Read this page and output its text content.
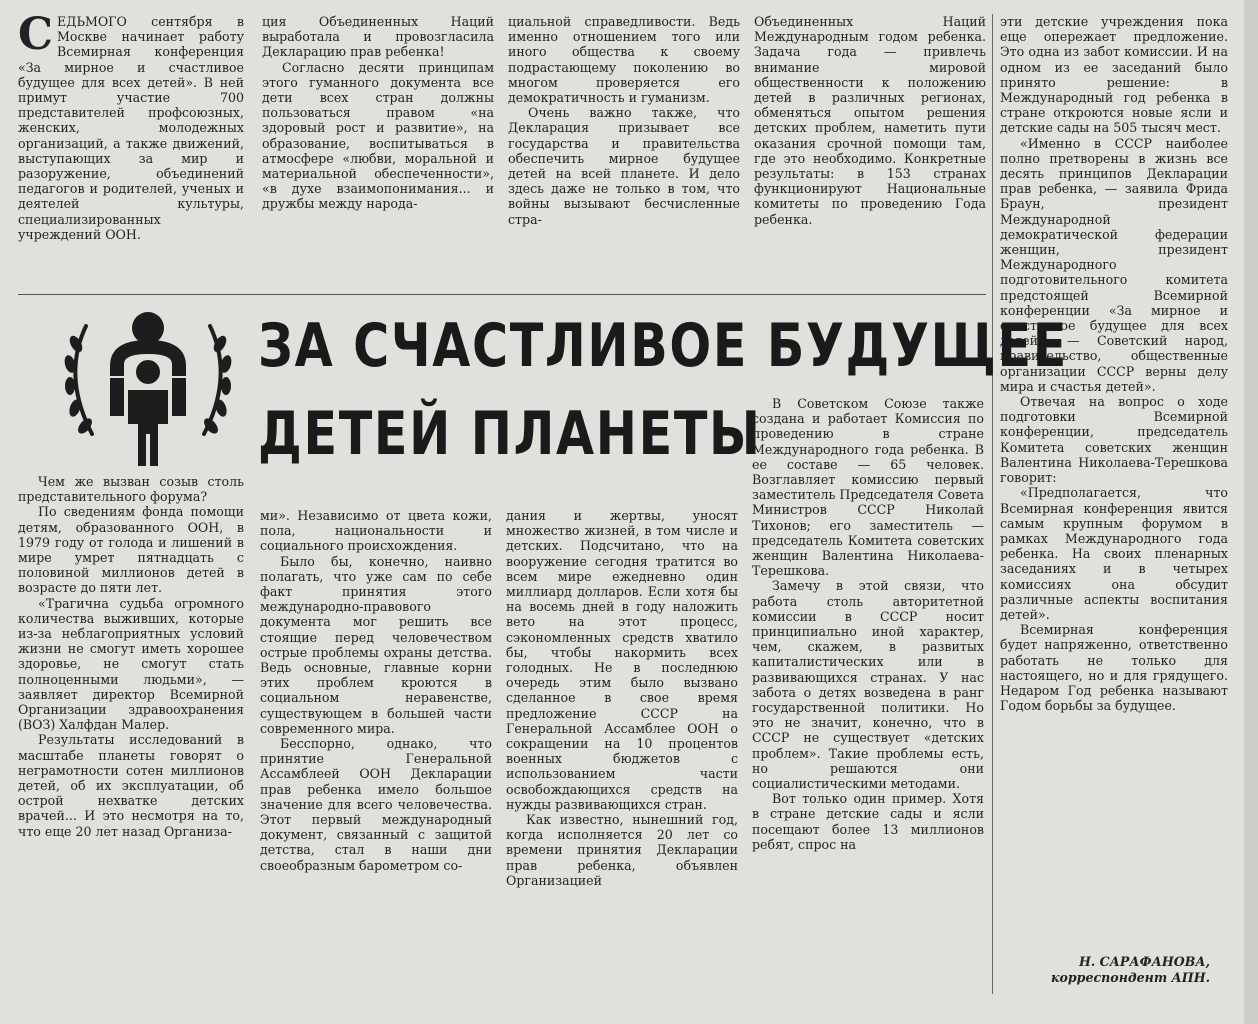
СЕДЬМОГО сентября в Москве начинает работу Всемирная конференция «За мирное и счастливое будущее для всех детей». В ней примут участие 700 представителей профсоюзных, женских, молодежных организаций, а также движений, выступающих за мир и разоружение, объединений педагогов и родителей, ученых и деятелей культуры, специализированных учреждений ООН.

ция Объединенных Наций выработала и провозгласила Декларацию прав ребенка!

Согласно десяти принципам этого гуманного документа все дети всех стран должны пользоваться правом «на здоровый рост и развитие», на образование, воспитываться в атмосфере «любви, моральной и материальной обеспеченности», «в духе взаимопонимания... и дружбы между народа-

циальной справедливости. Ведь именно отношением того или иного общества к своему подрастающему поколению во многом проверяется его демократичность и гуманизм.

Очень важно также, что Декларация призывает все государства и правительства обеспечить мирное будущее детей на всей планете. И дело здесь даже не только в том, что войны вызывают бесчисленные стра-

Объединенных Наций Международным годом ребенка. Задача года — привлечь внимание мировой общественности к положению детей в различных регионах, обменяться опытом решения детских проблем, наметить пути оказания срочной помощи там, где это необходимо. Конкретные результаты: в 153 странах функционируют Национальные комитеты по проведению Года ребенка.

эти детские учреждения пока еще опережает предложение. Это одна из забот комиссии. И на одном из ее заседаний было принято решение: в Международный год ребенка в стране откроются новые ясли и детские сады на 505 тысяч мест.

«Именно в СССР наиболее полно претворены в жизнь все десять принципов Декларации прав ребенка, — заявила Фрида Браун, президент Международной демократической федерации женщин, президент Международного подготовительного комитета предстоящей Всемирной конференции «За мирное и счастливое будущее для всех детей». — Советский народ, правительство, общественные организации СССР верны делу мира и счастья детей».

Отвечая на вопрос о ходе подготовки Всемирной конференции, председатель Комитета советских женщин Валентина Николаева-Терешкова говорит:

«Предполагается, что Всемирная конференция явится самым крупным форумом в рамках Международного года ребенка. На своих пленарных заседаниях и в четырех комиссиях она обсудит различные аспекты воспитания детей».

Всемирная конференция будет напряженно, ответственно работать не только для настоящего, но и для грядущего. Недаром Год ребенка называют Годом борьбы за будущее.

ЗА СЧАСТЛИВОЕ БУДУЩЕЕ
ДЕТЕЙ ПЛАНЕТЫ

Чем же вызван созыв столь представительного форума?

По сведениям фонда помощи детям, образованного ООН, в 1979 году от голода и лишений в мире умрет пятнадцать с половиной миллионов детей в возрасте до пяти лет.

«Трагична судьба огромного количества выживших, которые из-за неблагоприятных условий жизни не смогут иметь хорошее здоровье, не смогут стать полноценными людьми», — заявляет директор Всемирной Организации здравоохранения (ВОЗ) Халфдан Малер.

Результаты исследований в масштабе планеты говорят о неграмотности сотен миллионов детей, об их эксплуатации, об острой нехватке детских врачей... И это несмотря на то, что еще 20 лет назад Организа-

ми». Независимо от цвета кожи, пола, национальности и социального происхождения.

Было бы, конечно, наивно полагать, что уже сам по себе факт принятия этого международно-правового документа мог решить все стоящие перед человечеством острые проблемы охраны детства. Ведь основные, главные корни этих проблем кроются в социальном неравенстве, существующем в большей части современного мира.

Бесспорно, однако, что принятие Генеральной Ассамблеей ООН Декларации прав ребенка имело большое значение для всего человечества. Этот первый международный документ, связанный с защитой детства, стал в наши дни своеобразным барометром со-

дания и жертвы, уносят множество жизней, в том числе и детских. Подсчитано, что на вооружение сегодня тратится во всем мире ежедневно один миллиард долларов. Если хотя бы на восемь дней в году наложить вето на этот процесс, сэкономленных средств хватило бы, чтобы накормить всех голодных. Не в последнюю очередь этим было вызвано сделанное в свое время предложение СССР на Генеральной Ассамблее ООН о сокращении на 10 процентов военных бюджетов с использованием части освобождающихся средств на нужды развивающихся стран.

Как известно, нынешний год, когда исполняется 20 лет со времени принятия Декларации прав ребенка, объявлен Организацией

В Советском Союзе также создана и работает Комиссия по проведению в стране Международного года ребенка. В ее составе — 65 человек. Возглавляет комиссию первый заместитель Председателя Совета Министров СССР Николай Тихонов; его заместитель — председатель Комитета советских женщин Валентина Николаева-Терешкова.

Замечу в этой связи, что работа столь авторитетной комиссии в СССР носит принципиально иной характер, чем, скажем, в развитых капиталистических или в развивающихся странах. У нас забота о детях возведена в ранг государственной политики. Но это не значит, конечно, что в СССР не существует «детских проблем». Такие проблемы есть, но решаются они социалистическими методами.

Вот только один пример. Хотя в стране детские сады и ясли посещают более 13 миллионов ребят, спрос на

Н. САРАФАНОВА,
корреспондент АПН.
